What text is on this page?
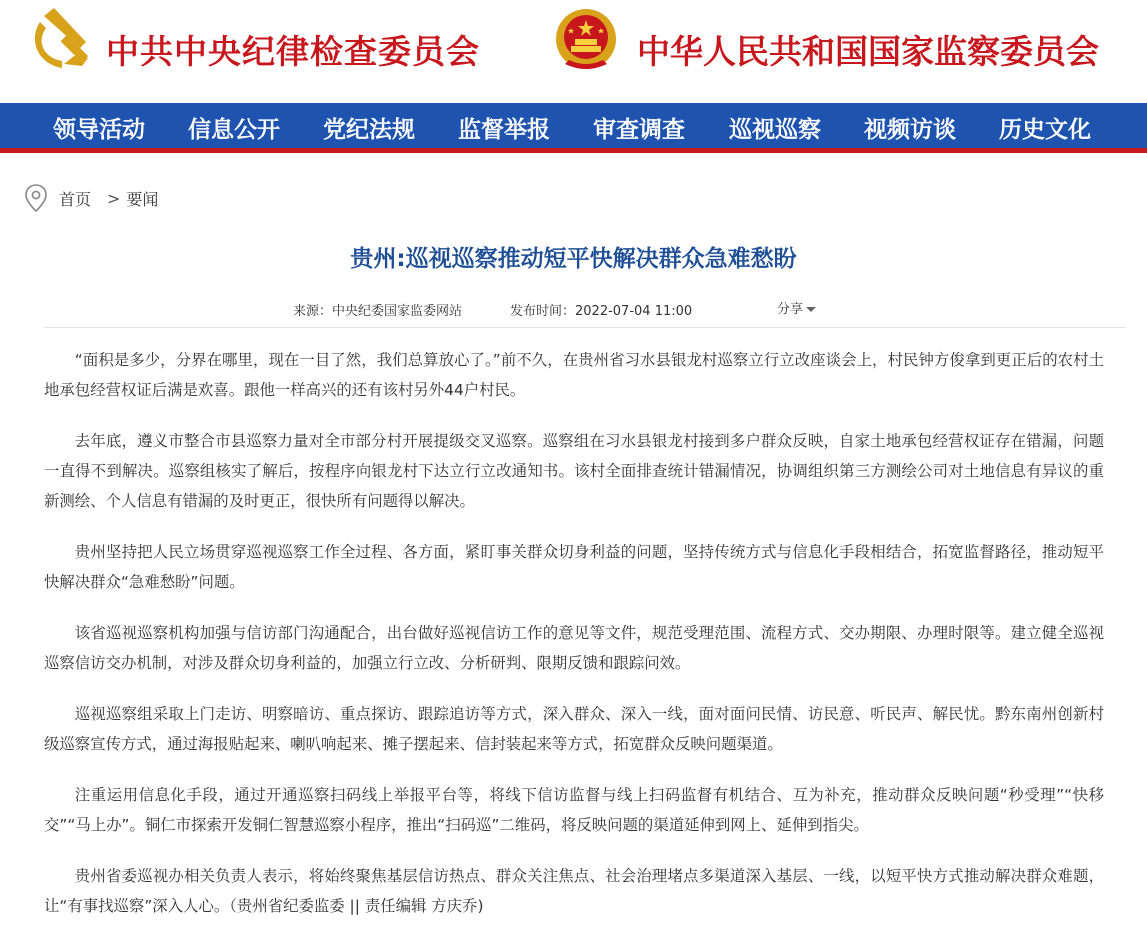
中共中央纪律检查委员会	中华人民共和国国家监察委员会
领导活动 信息公开 党纪法规 监督举报 审查调查 巡视巡察 视频访谈 历史文化
首页 > 要闻
贵州:巡视巡察推动短平快解决群众急难愁盼
来源：中央纪委国家监委网站	发布时间：2022-07-04 11:00	分享

“面积是多少，分界在哪里，现在一目了然，我们总算放心了。”前不久，在贵州省习水县银龙村巡察立行立改座谈会上，村民钟方俊拿到更正后的农村土地承包经营权证后满是欢喜。跟他一样高兴的还有该村另外44户村民。

去年底，遵义市整合市县巡察力量对全市部分村开展提级交叉巡察。巡察组在习水县银龙村接到多户群众反映，自家土地承包经营权证存在错漏，问题一直得不到解决。巡察组核实了解后，按程序向银龙村下达立行立改通知书。该村全面排查统计错漏情况，协调组织第三方测绘公司对土地信息有异议的重新测绘、个人信息有错漏的及时更正，很快所有问题得以解决。

贵州坚持把人民立场贯穿巡视巡察工作全过程、各方面，紧盯事关群众切身利益的问题，坚持传统方式与信息化手段相结合，拓宽监督路径，推动短平快解决群众“急难愁盼”问题。

该省巡视巡察机构加强与信访部门沟通配合，出台做好巡视信访工作的意见等文件，规范受理范围、流程方式、交办期限、办理时限等。建立健全巡视巡察信访交办机制，对涉及群众切身利益的，加强立行立改、分析研判、限期反馈和跟踪问效。

巡视巡察组采取上门走访、明察暗访、重点探访、跟踪追访等方式，深入群众、深入一线，面对面问民情、访民意、听民声、解民忧。黔东南州创新村级巡察宣传方式，通过海报贴起来、喇叭响起来、摊子摆起来、信封装起来等方式，拓宽群众反映问题渠道。

注重运用信息化手段，通过开通巡察扫码线上举报平台等，将线下信访监督与线上扫码监督有机结合、互为补充，推动群众反映问题“秒受理”“快移交”“马上办”。铜仁市探索开发铜仁智慧巡察小程序，推出“扫码巡”二维码，将反映问题的渠道延伸到网上、延伸到指尖。

贵州省委巡视办相关负责人表示，将始终聚焦基层信访热点、群众关注焦点、社会治理堵点多渠道深入基层、一线，以短平快方式推动解决群众难题，让“有事找巡察”深入人心。（贵州省纪委监委 || 责任编辑 方庆乔)
